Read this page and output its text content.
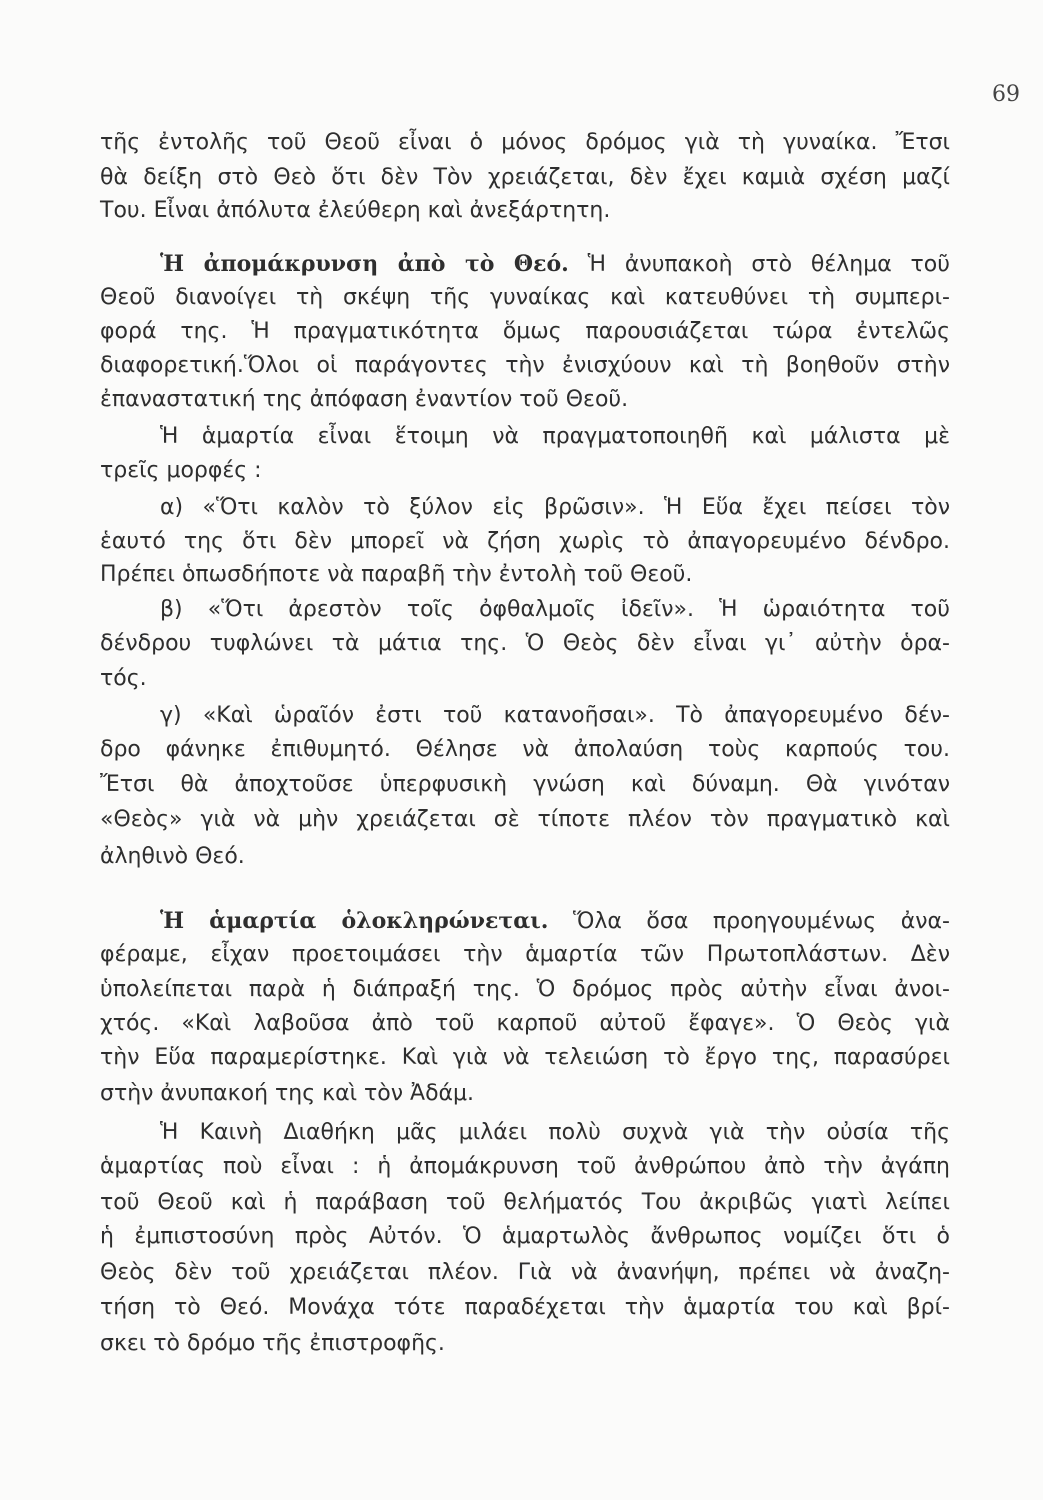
69
τῆς ἐντολῆς τοῦ Θεοῦ εἶναι ὁ μόνος δρόμος γιὰ τὴ γυναίκα. Ἔτσι
θὰ δείξη στὸ Θεὸ ὅτι δὲν Τὸν χρειάζεται, δὲν ἔχει καμιὰ σχέση μαζί
Του. Εἶναι ἀπόλυτα ἐλεύθερη καὶ ἀνεξάρτητη.
Ἡ ἀπομάκρυνση ἀπὸ τὸ Θεό. Ἡ ἀνυπακοὴ στὸ θέλημα τοῦ
Θεοῦ διανοίγει τὴ σκέψη τῆς γυναίκας καὶ κατευθύνει τὴ συμπερι-
φορά της. Ἡ πραγματικότητα ὅμως παρουσιάζεται τώρα ἐντελῶς
διαφορετική.Ὅλοι οἱ παράγοντες τὴν ἐνισχύουν καὶ τὴ βοηθοῦν στὴν
ἐπαναστατική της ἀπόφαση ἐναντίον τοῦ Θεοῦ.
Ἡ ἁμαρτία εἶναι ἕτοιμη νὰ πραγματοποιηθῆ καὶ μάλιστα μὲ
τρεῖς μορφές :
α) «Ὅτι καλὸν τὸ ξύλον εἰς βρῶσιν». Ἡ Εὕα ἔχει πείσει τὸν
ἑαυτό της ὅτι δὲν μπορεῖ νὰ ζήση χωρὶς τὸ ἀπαγορευμένο δένδρο.
Πρέπει ὁπωσδήποτε νὰ παραβῆ τὴν ἐντολὴ τοῦ Θεοῦ.
β) «Ὅτι ἀρεστὸν τοῖς ὀφθαλμοῖς ἰδεῖν». Ἡ ὡραιότητα τοῦ
δένδρου τυφλώνει τὰ μάτια της. Ὁ Θεὸς δὲν εἶναι γι᾽ αὐτὴν ὁρα-
τός.
γ) «Καὶ ὡραῖόν ἐστι τοῦ κατανοῆσαι». Τὸ ἀπαγορευμένο δέν-
δρο φάνηκε ἐπιθυμητό. Θέλησε νὰ ἀπολαύση τοὺς καρπούς του.
Ἔτσι θὰ ἀποχτοῦσε ὑπερφυσικὴ γνώση καὶ δύναμη. Θὰ γινόταν
«Θεὸς» γιὰ νὰ μὴν χρειάζεται σὲ τίποτε πλέον τὸν πραγματικὸ καὶ
ἀληθινὸ Θεό.
Ἡ ἁμαρτία ὁλοκληρώνεται. Ὅλα ὅσα προηγουμένως ἀνα-
φέραμε, εἶχαν προετοιμάσει τὴν ἁμαρτία τῶν Πρωτοπλάστων. Δὲν
ὑπολείπεται παρὰ ἡ διάπραξή της. Ὁ δρόμος πρὸς αὐτὴν εἶναι ἀνοι-
χτός. «Καὶ λαβοῦσα ἀπὸ τοῦ καρποῦ αὐτοῦ ἔφαγε». Ὁ Θεὸς γιὰ
τὴν Εὕα παραμερίστηκε. Καὶ γιὰ νὰ τελειώση τὸ ἔργο της, παρασύρει
στὴν ἀνυπακοή της καὶ τὸν Ἀδάμ.
Ἡ Καινὴ Διαθήκη μᾶς μιλάει πολὺ συχνὰ γιὰ τὴν οὐσία τῆς
ἁμαρτίας ποὺ εἶναι : ἡ ἀπομάκρυνση τοῦ ἀνθρώπου ἀπὸ τὴν ἀγάπη
τοῦ Θεοῦ καὶ ἡ παράβαση τοῦ θελήματός Του ἀκριβῶς γιατὶ λείπει
ἡ ἐμπιστοσύνη πρὸς Αὐτόν. Ὁ ἁμαρτωλὸς ἄνθρωπος νομίζει ὅτι ὁ
Θεὸς δὲν τοῦ χρειάζεται πλέον. Γιὰ νὰ ἀνανήψη, πρέπει νὰ ἀναζη-
τήση τὸ Θεό. Μονάχα τότε παραδέχεται τὴν ἁμαρτία του καὶ βρί-
σκει τὸ δρόμο τῆς ἐπιστροφῆς.
